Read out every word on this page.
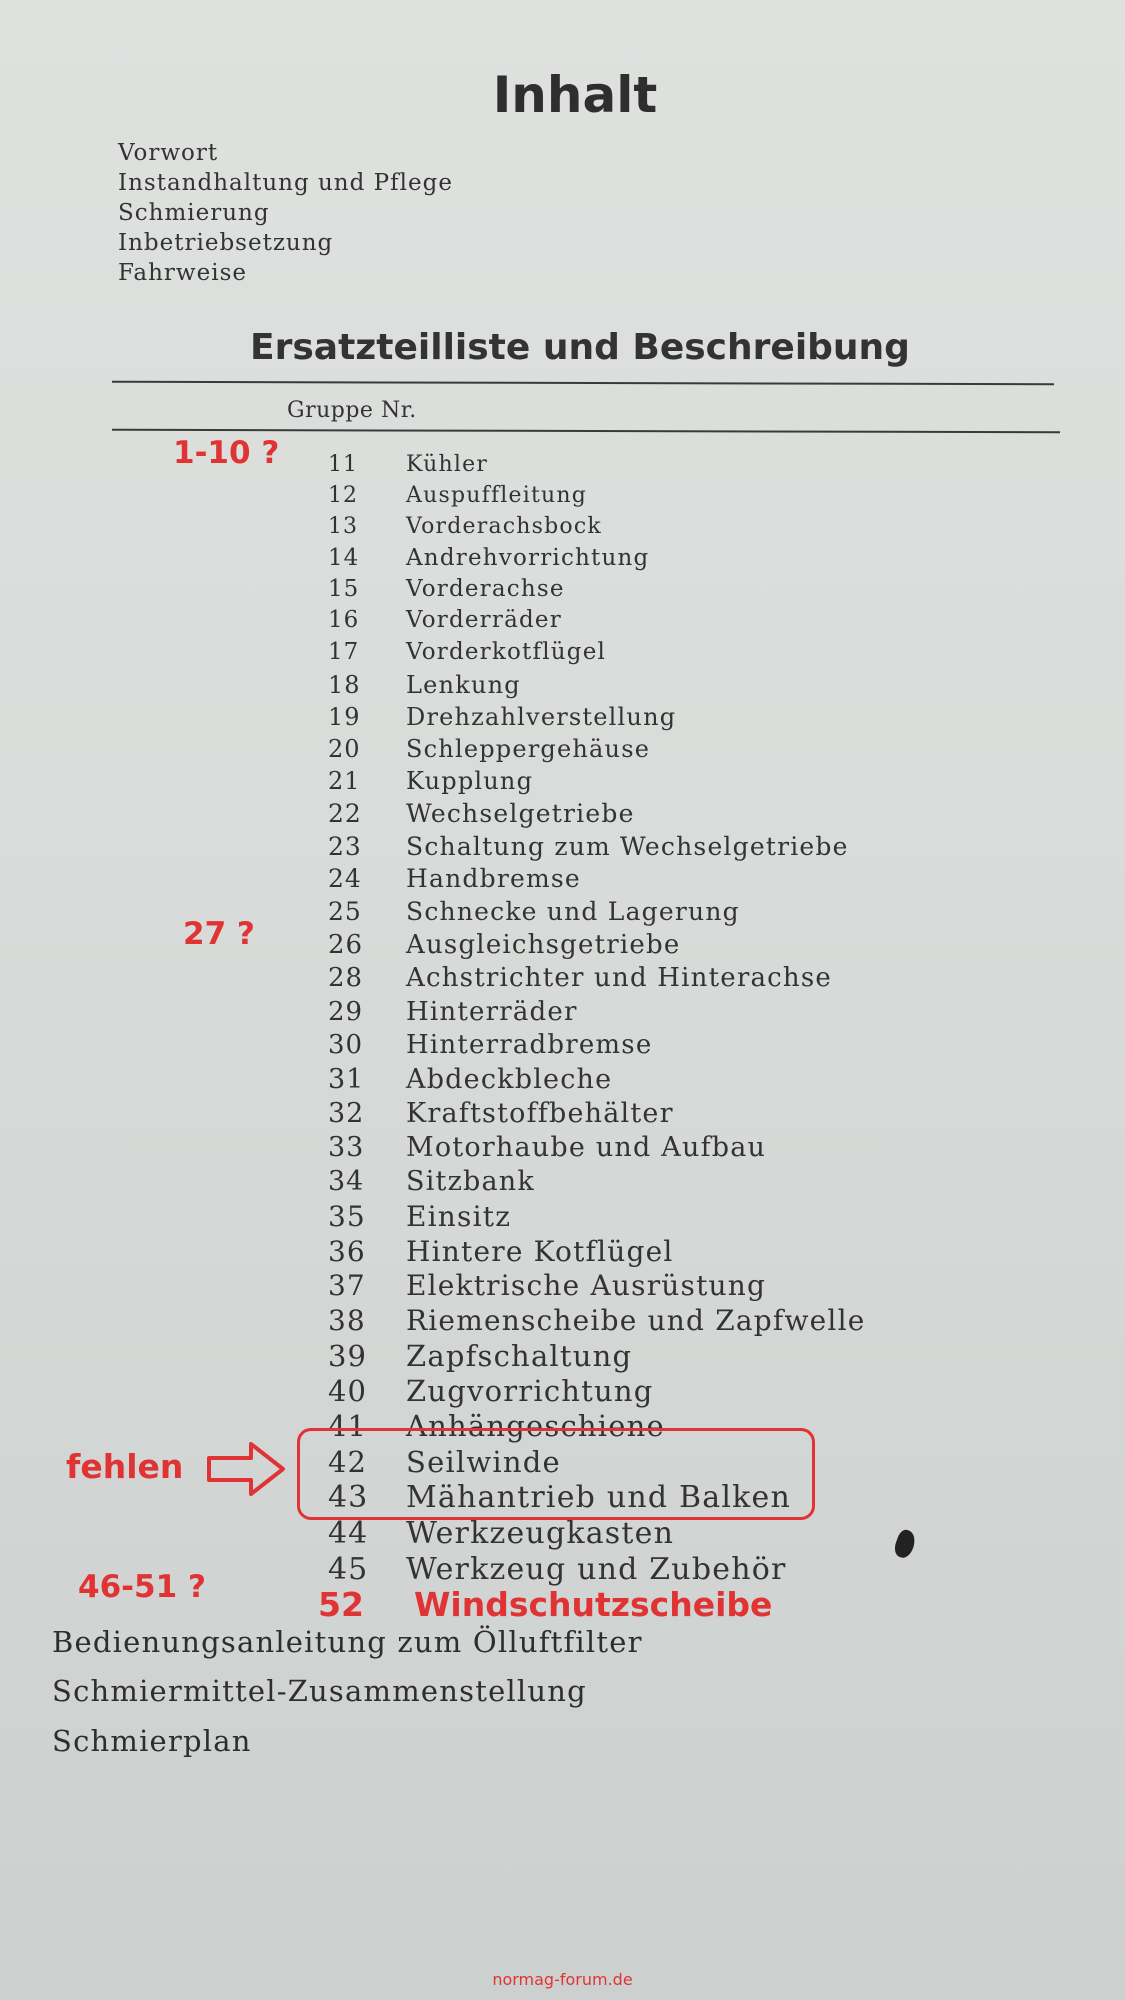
Inhalt
Vorwort
Instandhaltung und Pflege
Schmierung
Inbetriebsetzung
Fahrweise
Ersatzteilliste und Beschreibung
Gruppe Nr.
11 Kühler
12 Auspuffleitung
13 Vorderachsbock
14 Andrehvorrichtung
15 Vorderachse
16 Vorderräder
17 Vorderkotflügel
18 Lenkung
19 Drehzahlverstellung
20 Schleppergehäuse
21 Kupplung
22 Wechselgetriebe
23 Schaltung zum Wechselgetriebe
24 Handbremse
25 Schnecke und Lagerung
26 Ausgleichsgetriebe
28 Achstrichter und Hinterachse
29 Hinterräder
30 Hinterradbremse
31 Abdeckbleche
32 Kraftstoffbehälter
33 Motorhaube und Aufbau
34 Sitzbank
35 Einsitz
36 Hintere Kotflügel
37 Elektrische Ausrüstung
38 Riemenscheibe und Zapfwelle
39 Zapfschaltung
40 Zugvorrichtung
41 Anhängeschiene
42 Seilwinde
43 Mähantrieb und Balken
44 Werkzeugkasten
45 Werkzeug und Zubehör
1-10 ?
27 ?
fehlen
46-51 ?	52 Windschutzscheibe
Bedienungsanleitung zum Ölluftfilter
Schmiermittel-Zusammenstellung
Schmierplan
normag-forum.de
